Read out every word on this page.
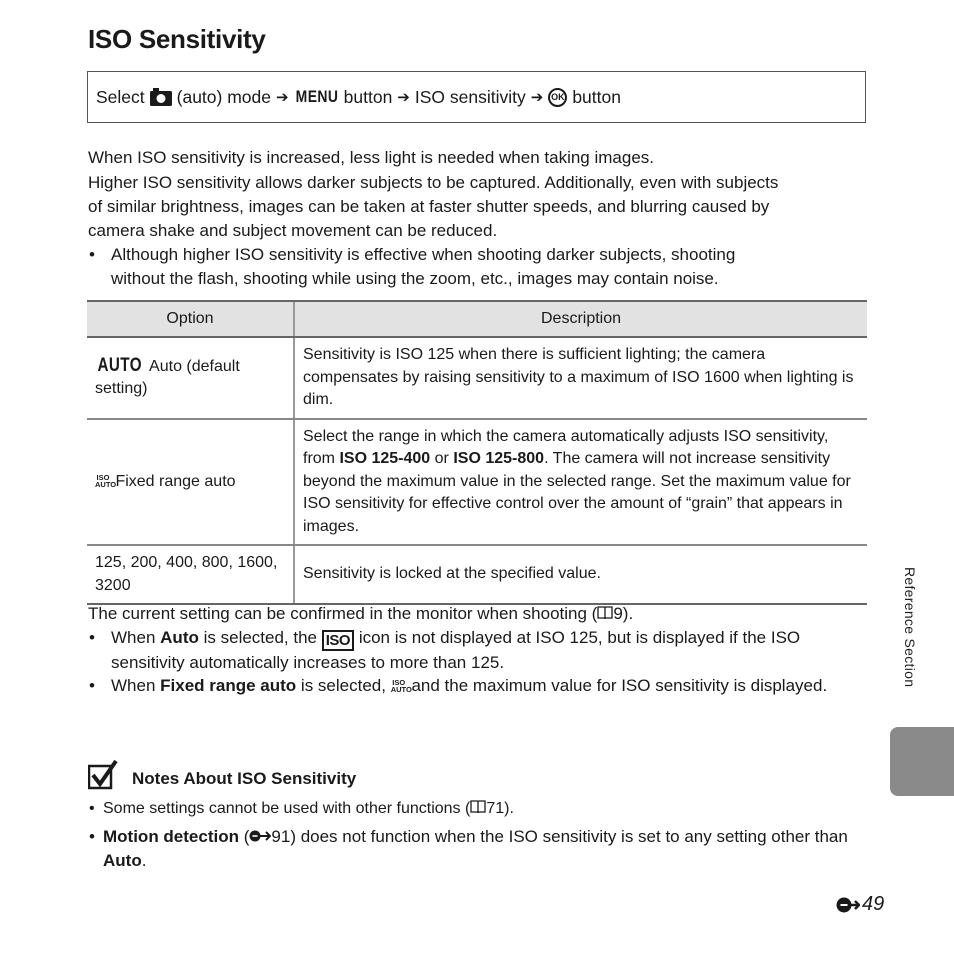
ISO Sensitivity
Select (auto) mode ➔ MENU button ➔ ISO sensitivity ➔ OK button
When ISO sensitivity is increased, less light is needed when taking images.
Higher ISO sensitivity allows darker subjects to be captured. Additionally, even with subjects
of similar brightness, images can be taken at faster shutter speeds, and blurring caused by
camera shake and subject movement can be reduced.
• Although higher ISO sensitivity is effective when shooting darker subjects, shooting
without the flash, shooting while using the zoom, etc., images may contain noise.
Option	Description
AUTO Auto (default setting)	Sensitivity is ISO 125 when there is sufficient lighting; the camera compensates by raising sensitivity to a maximum of ISO 1600 when lighting is dim.
ISO
AUTO Fixed range auto	Select the range in which the camera automatically adjusts ISO sensitivity, from ISO 125-400 or ISO 125-800. The camera will not increase sensitivity beyond the maximum value in the selected range. Set the maximum value for ISO sensitivity for effective control over the amount of “grain” that appears in images.
125, 200, 400, 800, 1600, 3200	Sensitivity is locked at the specified value.
The current setting can be confirmed in the monitor when shooting ( 9).
• When Auto is selected, the ISO icon is not displayed at ISO 125, but is displayed if the ISO sensitivity automatically increases to more than 125.
• When Fixed range auto is selected, ISO
AUTO and the maximum value for ISO sensitivity is displayed.
Notes About ISO Sensitivity
• Some settings cannot be used with other functions ( 71).
• Motion detection ( 91) does not function when the ISO sensitivity is set to any setting other than Auto.
Reference Section
49
